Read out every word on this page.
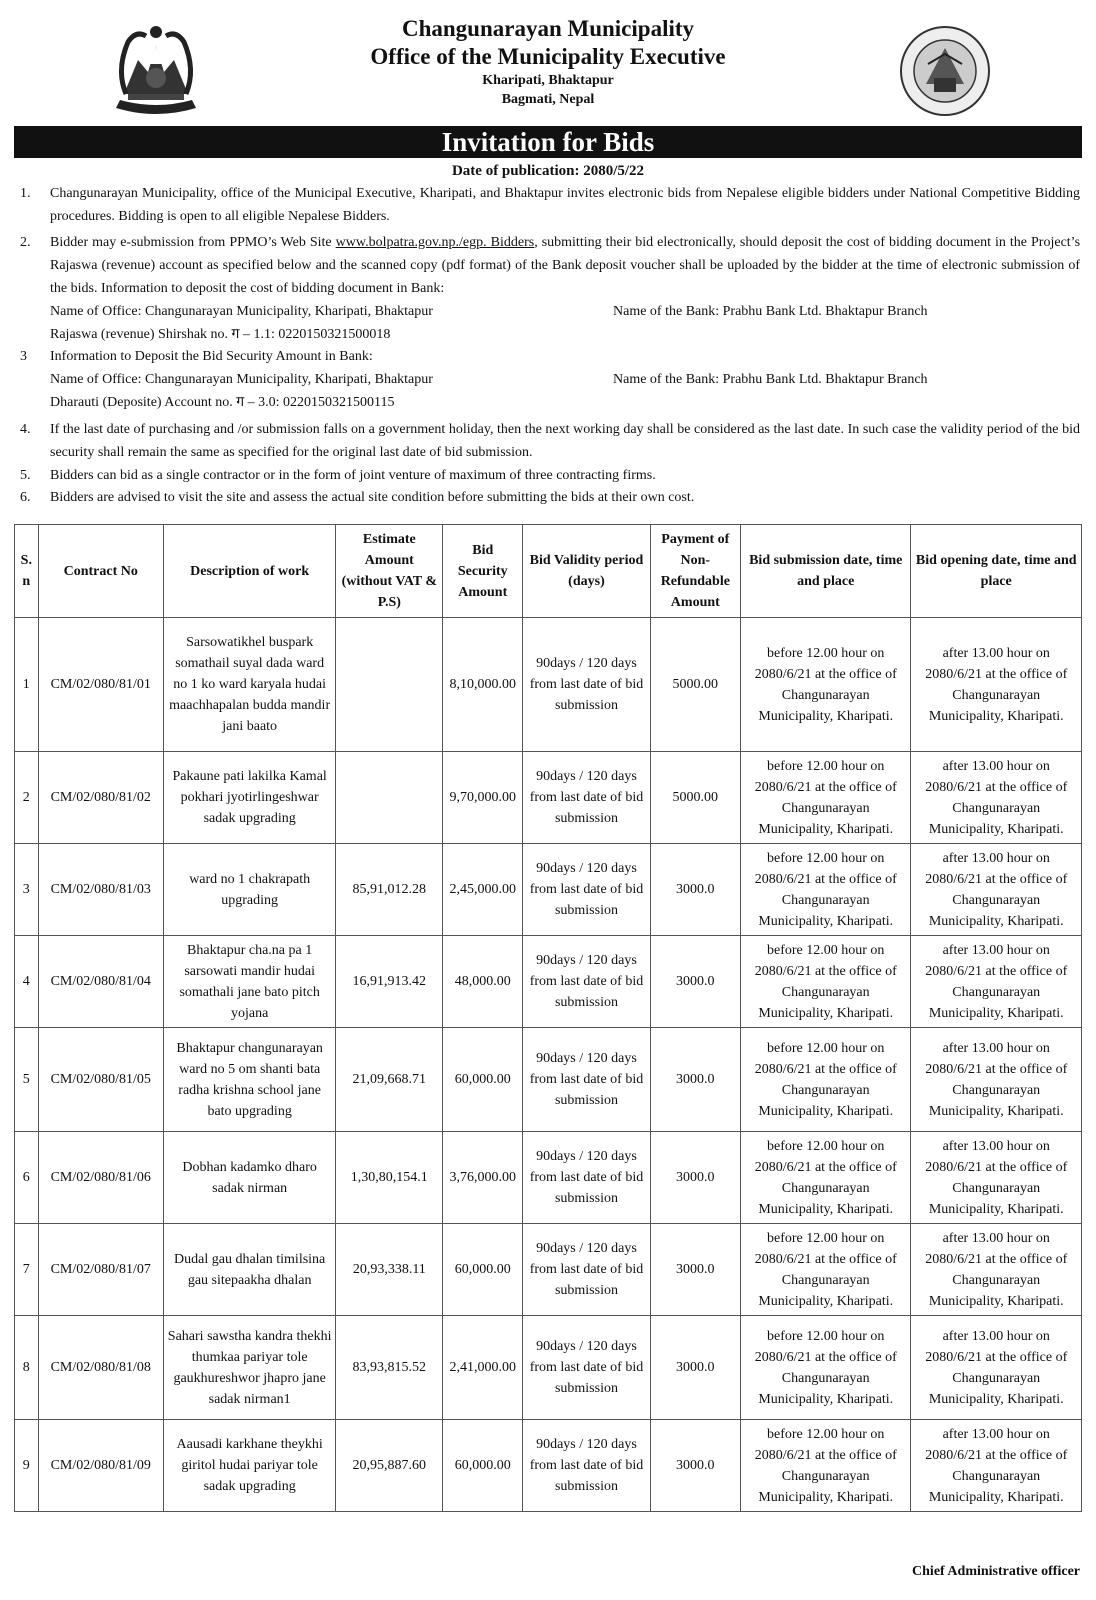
Changunarayan Municipality
Office of the Municipality Executive
Kharipati, Bhaktapur
Bagmati, Nepal
Invitation for Bids
Date of publication: 2080/5/22
1.	Changunarayan Municipality, office of the Municipal Executive, Kharipati, and Bhaktapur invites electronic bids from Nepalese eligible bidders under National Competitive Bidding procedures. Bidding is open to all eligible Nepalese Bidders.
2.	Bidder may e-submission from PPMO’s Web Site www.bolpatra.gov.np./egp. Bidders, submitting their bid electronically, should deposit the cost of bidding document in the Project’s Rajaswa (revenue) account as specified below and the scanned copy (pdf format) of the Bank deposit voucher shall be uploaded by the bidder at the time of electronic submission of the bids. Information to deposit the cost of bidding document in Bank:
Name of Office: Changunarayan Municipality, Kharipati, Bhaktapur	Name of the Bank: Prabhu Bank Ltd. Bhaktapur Branch
Rajaswa (revenue) Shirshak no. ग – 1.1: 0220150321500018
3	Information to Deposit the Bid Security Amount in Bank:
Name of Office: Changunarayan Municipality, Kharipati, Bhaktapur	Name of the Bank: Prabhu Bank Ltd. Bhaktapur Branch
Dharauti (Deposite) Account no. ग – 3.0: 0220150321500115
4.	If the last date of purchasing and /or submission falls on a government holiday, then the next working day shall be considered as the last date. In such case the validity period of the bid security shall remain the same as specified for the original last date of bid submission.
5.	Bidders can bid as a single contractor or in the form of joint venture of maximum of three contracting firms.
6.	Bidders are advised to visit the site and assess the actual site condition before submitting the bids at their own cost.
S. n	Contract No	Description of work	Estimate Amount (without VAT & P.S)	Bid Security Amount	Bid Validity period (days)	Payment of Non-Refundable Amount	Bid submission date, time and place	Bid opening date, time and place
1	CM/02/080/81/01	Sarsowatikhel buspark somathail suyal dada ward no 1 ko ward karyala hudai maachhapalan budda mandir jani baato		8,10,000.00	90days / 120 days from last date of bid submission	5000.00	before 12.00 hour on 2080/6/21 at the office of Changunarayan Municipality, Kharipati.	after 13.00 hour on 2080/6/21 at the office of Changunarayan Municipality, Kharipati.
2	CM/02/080/81/02	Pakaune pati lakilka Kamal pokhari jyotirlingeshwar sadak upgrading		9,70,000.00	90days / 120 days from last date of bid submission	5000.00	before 12.00 hour on 2080/6/21 at the office of Changunarayan Municipality, Kharipati.	after 13.00 hour on 2080/6/21 at the office of Changunarayan Municipality, Kharipati.
3	CM/02/080/81/03	ward no 1 chakrapath upgrading	85,91,012.28	2,45,000.00	90days / 120 days from last date of bid submission	3000.0	before 12.00 hour on 2080/6/21 at the office of Changunarayan Municipality, Kharipati.	after 13.00 hour on 2080/6/21 at the office of Changunarayan Municipality, Kharipati.
4	CM/02/080/81/04	Bhaktapur cha.na pa 1 sarsowati mandir hudai somathali jane bato pitch yojana	16,91,913.42	48,000.00	90days / 120 days from last date of bid submission	3000.0	before 12.00 hour on 2080/6/21 at the office of Changunarayan Municipality, Kharipati.	after 13.00 hour on 2080/6/21 at the office of Changunarayan Municipality, Kharipati.
5	CM/02/080/81/05	Bhaktapur changunarayan ward no 5 om shanti bata radha krishna school jane bato upgrading	21,09,668.71	60,000.00	90days / 120 days from last date of bid submission	3000.0	before 12.00 hour on 2080/6/21 at the office of Changunarayan Municipality, Kharipati.	after 13.00 hour on 2080/6/21 at the office of Changunarayan Municipality, Kharipati.
6	CM/02/080/81/06	Dobhan kadamko dharo sadak nirman	1,30,80,154.1	3,76,000.00	90days / 120 days from last date of bid submission	3000.0	before 12.00 hour on 2080/6/21 at the office of Changunarayan Municipality, Kharipati.	after 13.00 hour on 2080/6/21 at the office of Changunarayan Municipality, Kharipati.
7	CM/02/080/81/07	Dudal gau dhalan timilsina gau sitepaakha dhalan	20,93,338.11	60,000.00	90days / 120 days from last date of bid submission	3000.0	before 12.00 hour on 2080/6/21 at the office of Changunarayan Municipality, Kharipati.	after 13.00 hour on 2080/6/21 at the office of Changunarayan Municipality, Kharipati.
8	CM/02/080/81/08	Sahari sawstha kandra thekhi thumkaa pariyar tole gaukhureshwor jhapro jane sadak nirman1	83,93,815.52	2,41,000.00	90days / 120 days from last date of bid submission	3000.0	before 12.00 hour on 2080/6/21 at the office of Changunarayan Municipality, Kharipati.	after 13.00 hour on 2080/6/21 at the office of Changunarayan Municipality, Kharipati.
9	CM/02/080/81/09	Aausadi karkhane theykhi giritol hudai pariyar tole sadak upgrading	20,95,887.60	60,000.00	90days / 120 days from last date of bid submission	3000.0	before 12.00 hour on 2080/6/21 at the office of Changunarayan Municipality, Kharipati.	after 13.00 hour on 2080/6/21 at the office of Changunarayan Municipality, Kharipati.
Chief Administrative officer
